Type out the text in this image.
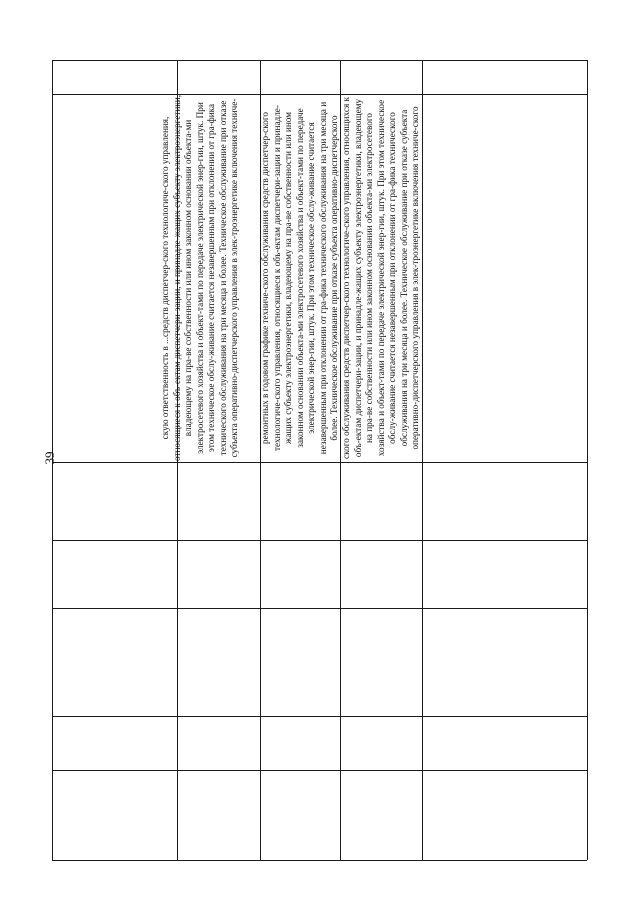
39

скую ответственность в ...средств диспетчер-ского технологиче-ского управления, относящиеся к объ-ектам диспетчери-зации, и принадле-жащих субъекту электроэнергетики, владеющему на пра-ве собственности или ином законном основании объекта-ми электросетевого хозяйства и объект-тами по передаче электрической энер-гии, штук. При этом техническое обслу-живание считается незавершенным при отклонении от гра-фика технического обслуживания на три месяца и более. Техническое обслуживание при отказе субъекта оперативно-диспетчерского управления в элек-троэнергетике включения техниче-

ремонтных в годовом графике техниче-ского обслуживания средств диспетчер-ского технологиче-ского управления, относящиеся к объ-ектам диспетчери-зации и принадле-жащих субъекту электроэнергетики, владеющему на пра-ве собственности или ином законном основании объекта-ми электросетевого хозяйства и объект-тами по передаче электрической энер-гии, штук. При этом техническое обслу-живание считается незавершенным при отклонении от гра-фика технического обслуживания на три месяца и более. Техническое обслуживание при отказе субъекта оперативно-диспетчерского

ского обслуживания средств диспетчер-ского технологиче-ского управления, относящихся к объ-ектам диспетчери-зации, и принадле-жащих субъекту электроэнергетики, владеющему на пра-ве собственности или ином законном основании объекта-ми электросетевого хозяйства и объект-тами по передаче электрической энер-гии, штук. При этом техническое обслу-живание считается незавершенным при отклонении от гра-фика технического обслуживания на три месяца и более. Техническое обслуживание при отказе субъекта оперативно-диспетчерского управления в элек-троэнергетике включения техниче-ского
